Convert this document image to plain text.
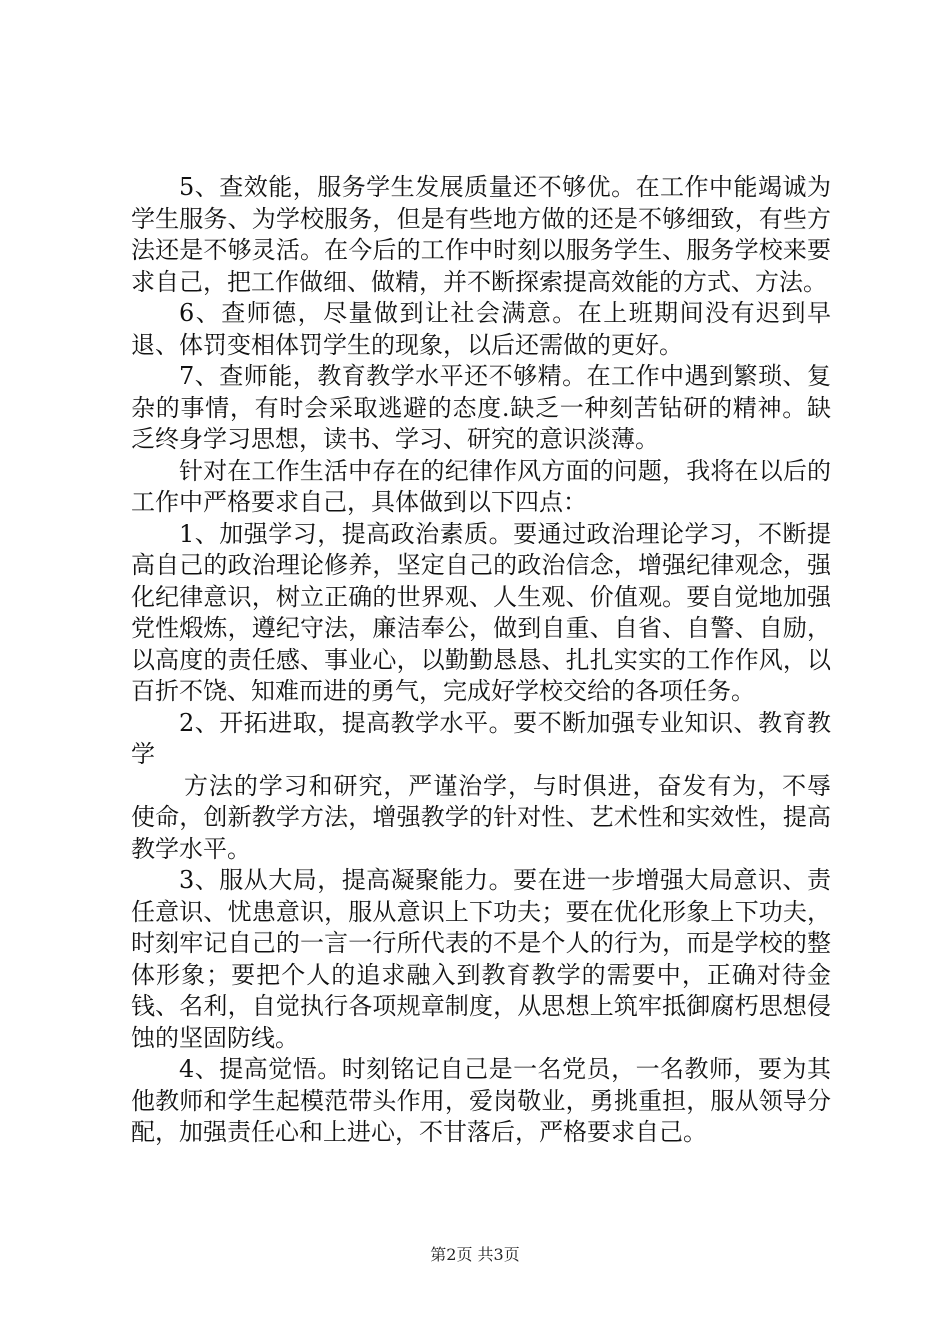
5、查效能，服务学生发展质量还不够优。在工作中能竭诚为学生服务、为学校服务，但是有些地方做的还是不够细致，有些方法还是不够灵活。在今后的工作中时刻以服务学生、服务学校来要求自己，把工作做细、做精，并不断探索提高效能的方式、方法。

6、查师德，尽量做到让社会满意。在上班期间没有迟到早退、体罚变相体罚学生的现象，以后还需做的更好。

7、查师能，教育教学水平还不够精。在工作中遇到繁琐、复杂的事情，有时会采取逃避的态度.缺乏一种刻苦钻研的精神。缺乏终身学习思想，读书、学习、研究的意识淡薄。

针对在工作生活中存在的纪律作风方面的问题，我将在以后的工作中严格要求自己，具体做到以下四点：

1、加强学习，提高政治素质。要通过政治理论学习，不断提高自己的政治理论修养，坚定自己的政治信念，增强纪律观念，强化纪律意识，树立正确的世界观、人生观、价值观。要自觉地加强党性煅炼，遵纪守法，廉洁奉公，做到自重、自省、自警、自励，以高度的责任感、事业心，以勤勤恳恳、扎扎实实的工作作风，以百折不饶、知难而进的勇气，完成好学校交给的各项任务。

2、开拓进取，提高教学水平。要不断加强专业知识、教育教学

方法的学习和研究，严谨治学，与时俱进，奋发有为，不辱使命，创新教学方法，增强教学的针对性、艺术性和实效性，提高教学水平。

3、服从大局，提高凝聚能力。要在进一步增强大局意识、责任意识、忧患意识，服从意识上下功夫；要在优化形象上下功夫，时刻牢记自己的一言一行所代表的不是个人的行为，而是学校的整体形象；要把个人的追求融入到教育教学的需要中，正确对待金钱、名利，自觉执行各项规章制度，从思想上筑牢抵御腐朽思想侵蚀的坚固防线。

4、提高觉悟。时刻铭记自己是一名党员，一名教师，要为其他教师和学生起模范带头作用，爱岗敬业，勇挑重担，服从领导分配，加强责任心和上进心，不甘落后，严格要求自己。

第2页 共3页
